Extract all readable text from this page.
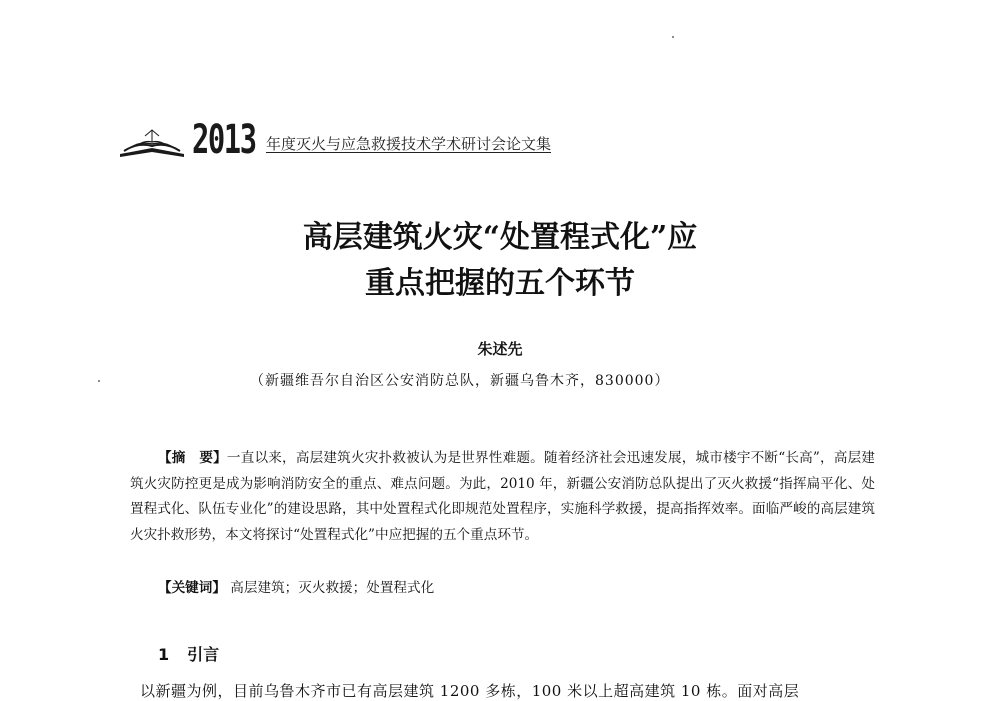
2013 年度灭火与应急救援技术学术研讨会论文集
高层建筑火灾“处置程式化”应
重点把握的五个环节
朱述先
（新疆维吾尔自治区公安消防总队，新疆乌鲁木齐，830000）

【摘　要】一直以来，高层建筑火灾扑救被认为是世界性难题。随着经济社会迅速发展，城市楼宇不断“长高”，高层建筑火灾防控更是成为影响消防安全的重点、难点问题。为此，2010 年，新疆公安消防总队提出了灭火救援“指挥扁平化、处置程式化、队伍专业化”的建设思路，其中处置程式化即规范处置程序，实施科学救援，提高指挥效率。面临严峻的高层建筑火灾扑救形势，本文将探讨“处置程式化”中应把握的五个重点环节。

【关键词】 高层建筑；灭火救援；处置程式化
1 引言
以新疆为例，目前乌鲁木齐市已有高层建筑 1200 多栋，100 米以上超高建筑 10 栋。面对高层
